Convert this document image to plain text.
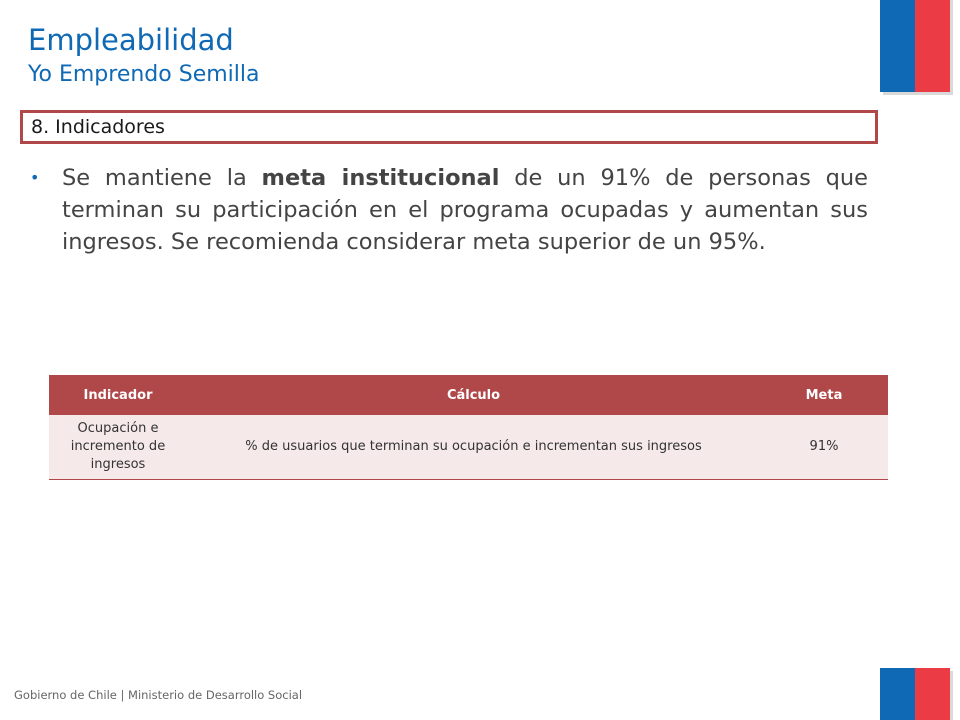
Empleabilidad
Yo Emprendo Semilla
8. Indicadores
• Se mantiene la meta institucional de un 91% de personas que terminan su participación en el programa ocupadas y aumentan sus ingresos. Se recomienda considerar meta superior de un 95%.
Indicador	Cálculo	Meta
Ocupación e incremento de ingresos	% de usuarios que terminan su ocupación e incrementan sus ingresos	91%
Gobierno de Chile | Ministerio de Desarrollo Social
